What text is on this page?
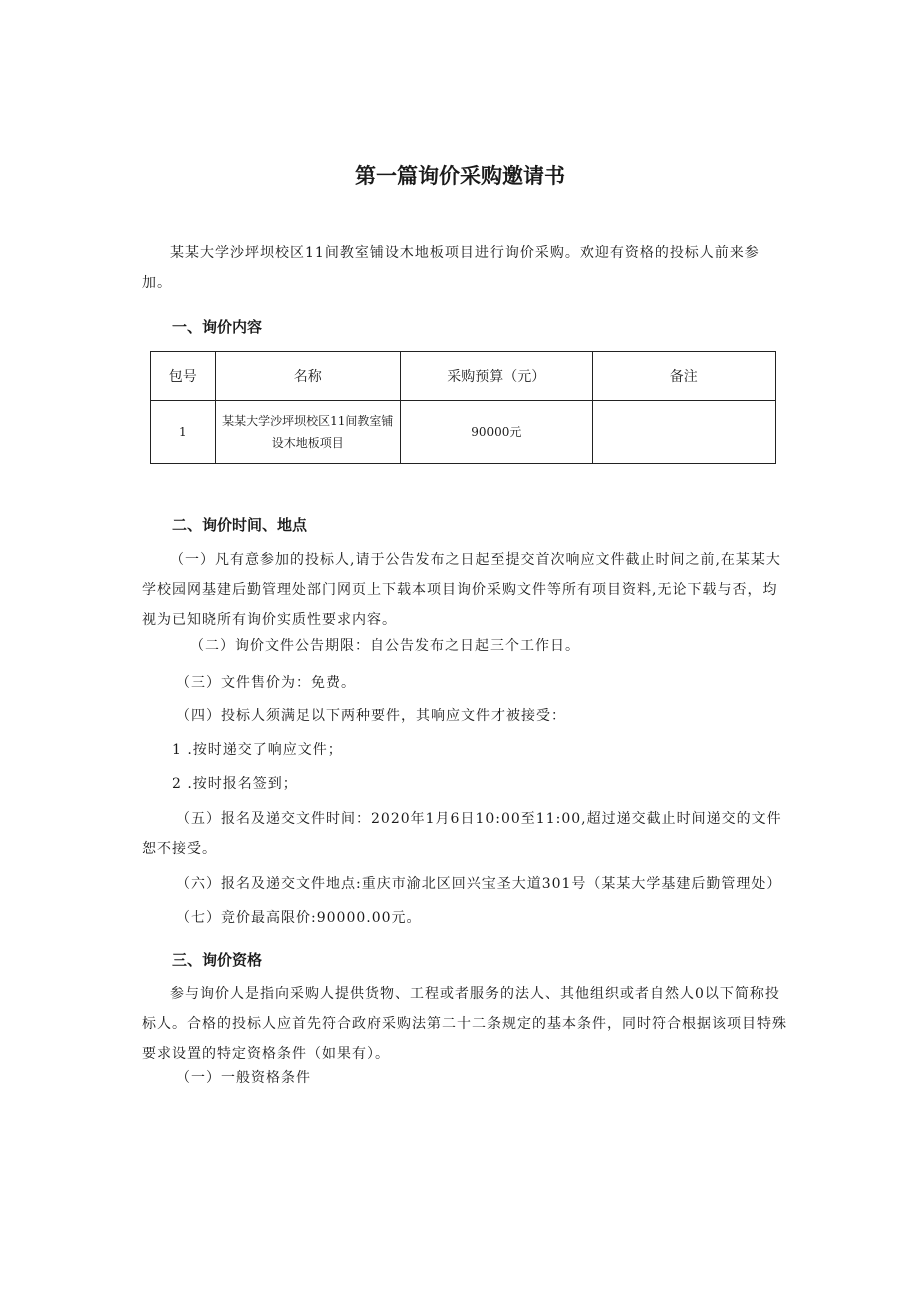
第一篇询价采购邀请书
某某大学沙坪坝校区11间教室铺设木地板项目进行询价采购。欢迎有资格的投标人前来参加。
一、询价内容
包号	名称	采购预算（元）	备注
1	某某大学沙坪坝校区11间教室铺设木地板项目	90000元	
二、询价时间、地点
（一）凡有意参加的投标人,请于公告发布之日起至提交首次响应文件截止时间之前,在某某大学校园网基建后勤管理处部门网页上下载本项目询价采购文件等所有项目资料,无论下载与否，均视为已知晓所有询价实质性要求内容。
（二）询价文件公告期限：自公告发布之日起三个工作日。
（三）文件售价为：免费。
（四）投标人须满足以下两种要件，其响应文件才被接受：
1 .按时递交了响应文件；
2 .按时报名签到；
（五）报名及递交文件时间：2020年1月6日10:00至11:00,超过递交截止时间递交的文件恕不接受。
（六）报名及递交文件地点:重庆市渝北区回兴宝圣大道301号（某某大学基建后勤管理处）
（七）竞价最高限价:90000.00元。
三、询价资格
参与询价人是指向采购人提供货物、工程或者服务的法人、其他组织或者自然人0以下简称投标人。合格的投标人应首先符合政府采购法第二十二条规定的基本条件，同时符合根据该项目特殊要求设置的特定资格条件（如果有）。
（一）一般资格条件
